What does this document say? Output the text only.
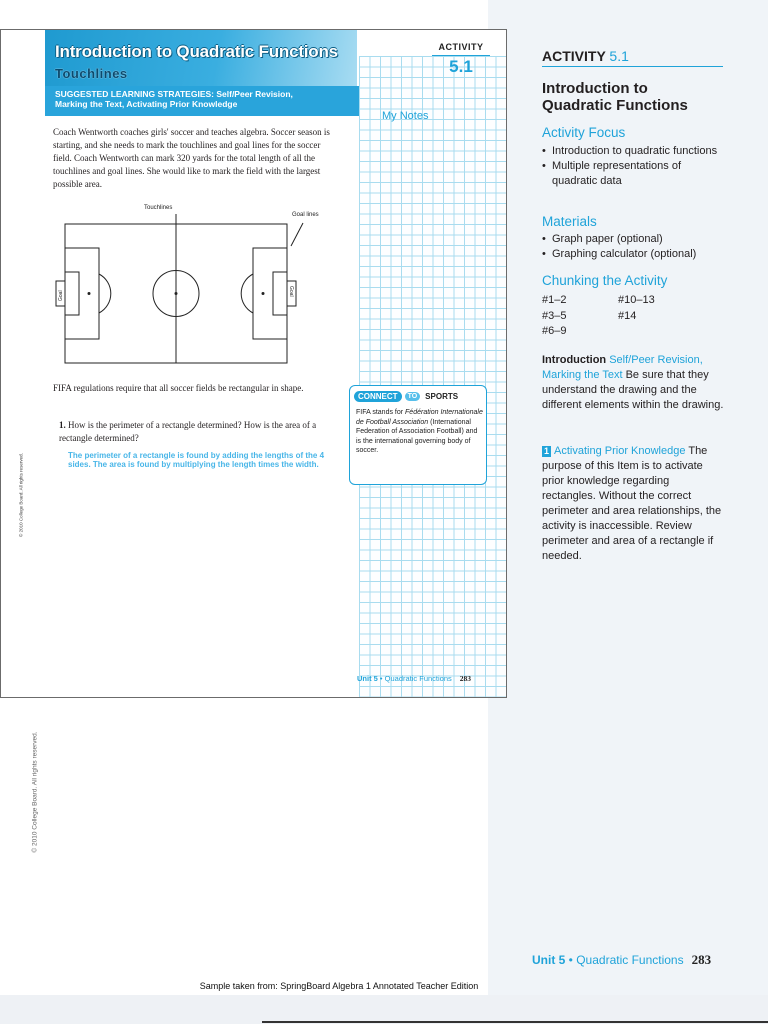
Sample taken from: SpringBoard Algebra 1 Annotated Teacher Edition
© 2010 College Board. All rights reserved.
Introduction to Quadratic Functions
Touchlines
ACTIVITY
5.1
SUGGESTED LEARNING STRATEGIES: Self/Peer Revision,
Marking the Text, Activating Prior Knowledge
My Notes
Coach Wentworth coaches girls' soccer and teaches algebra. Soccer season is starting, and she needs to mark the touchlines and goal lines for the soccer field. Coach Wentworth can mark 320 yards for the total length of all the touchlines and goal lines. She would like to mark the field with the largest possible area.
Touchlines
Goal lines
Goal	Goal
FIFA regulations require that all soccer fields be rectangular in shape.
1. How is the perimeter of a rectangle determined? How is the area of a rectangle determined?
The perimeter of a rectangle is found by adding the lengths of the 4 sides. The area is found by multiplying the length times the width.
CONNECT	TO	SPORTS
FIFA stands for Fédération Internationale de Football Association (International Federation of Association Football) and is the international governing body of soccer.
Unit 5 • Quadratic Functions 283
© 2010 College Board. All rights reserved.
ACTIVITY 5.1
Introduction to
Quadratic Functions
Activity Focus
• Introduction to quadratic functions
• Multiple representations of quadratic data
Materials
• Graph paper (optional)
• Graphing calculator (optional)
Chunking the Activity
#1–2	#10–13
#3–5	#14
#6–9
Introduction Self/Peer Revision, Marking the Text Be sure that they understand the drawing and the different elements within the drawing.
1 Activating Prior Knowledge The purpose of this Item is to activate prior knowledge regarding rectangles. Without the correct perimeter and area relationships, the activity is inaccessible. Review perimeter and area of a rectangle if needed.
Unit 5 • Quadratic Functions 283
